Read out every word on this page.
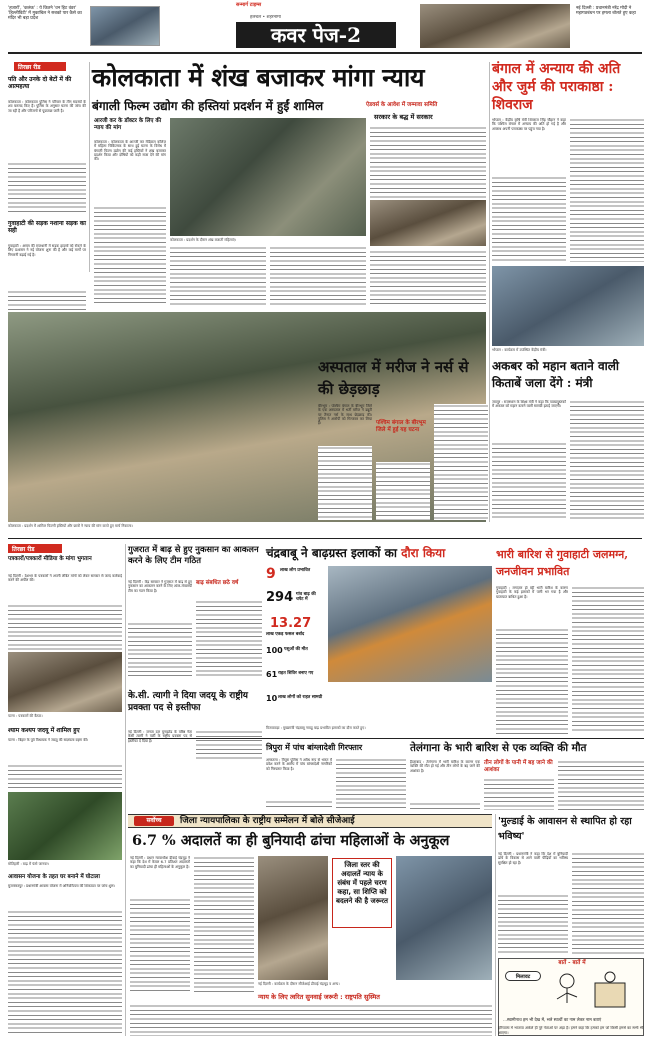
'हजारों', 'कलंक' : ये कितने 'वन हिट वंडर' 'हिल्लीविटी' में मुकाबिल ने सबको पार कैसे का मंदिर भी बड़ा प्रदेश
सन्मार्ग टाइम्स
हलचल • शहरनामा
कवर पेज-2
नई दिल्ली : प्रधानमंत्री नरेंद्र मोदी ने महागठबंधन पर हमला बोलते हुए कहा
तिरछा रीड
पति और उनके दो बेटों में की आत्महत्या
कोलकाता : कोलकाता पुलिस ने परिवार के तीन सदस्यों के शव बरामद किए हैं। पुलिस के अनुसार घटना की जांच की जा रही है और परिजनों से पूछताछ जारी है।
गुवाहाटी की सड़क नशाना सड़क का सही
गुवाहाटी : असम की राजधानी में सड़क हादसों को रोकने के लिए प्रशासन ने नई योजना शुरू की है और कई मार्गों पर निगरानी बढ़ाई गई है।
कोलकाता में शंख बजाकर मांगा न्याय
बंगाली फिल्म उद्योग की हस्तियां प्रदर्शन में हुईं शामिल	ऐडवर्स के आवेश में जम्मावा समिति
सरकार के बद्ध में सरकार
आरजी कर के डॉक्टर के लिए की न्याय की मांग
कोलकाता : कोलकाता के आरजी कर मेडिकल कॉलेज में महिला चिकित्सक के साथ हुई घटना के विरोध में बंगाली फिल्म उद्योग की कई हस्तियों ने शंख बजाकर प्रदर्शन किया और दोषियों को कड़ी सजा देने की मांग की।
कोलकाता : प्रदर्शन के दौरान शंख बजाती महिलाएं।
कोलकाता : प्रदर्शन में शामिल फिल्मी हस्तियों और छात्रों ने न्याय की मांग करते हुए मार्च निकाला।
बंगाल में अन्याय की अति और जुर्म की पराकाष्ठा : शिवराज
भोपाल : केंद्रीय कृषि मंत्री शिवराज सिंह चौहान ने कहा कि पश्चिम बंगाल में अन्याय की अति हो गई है और अपराध अपनी पराकाष्ठा पर पहुंच गया है।
भोपाल : कार्यक्रम में उपस्थित केंद्रीय मंत्री।
अस्पताल में मरीज ने नर्स से की छेड़छाड़
बीरभूम : पश्चिम बंगाल के बीरभूम जिले के एक अस्पताल में भर्ती मरीज ने ड्यूटी पर तैनात नर्स के साथ छेड़छाड़ की। पुलिस ने आरोपी को गिरफ्तार कर लिया है।	पश्चिम बंगाल के बीरभूम जिले में हुई यह घटना
अकबर को महान बताने वाली किताबें जला देंगे : मंत्री
जयपुर : राजस्थान के शिक्षा मंत्री ने कहा कि पाठ्यपुस्तकों में अकबर को महान बताने वाली सामग्री हटाई जाएगी।
तिरछा रीड
पत्रकारों/पत्रकारों मीडिया के मांगा भुगतान
नई दिल्ली : देशभर के पत्रकारों ने अपनी लंबित मांगों को लेकर सरकार से जल्द कार्रवाई करने की अपील की।
पटना : पत्रकारों की बैठक।
श्याम कश्यप जदयू में शामिल हुए
पटना : बिहार के पूर्व विधायक ने जदयू की सदस्यता ग्रहण की।
मोतिहारी : बाढ़ में फंसे जानवर।
आवासन योजना के तहत घर बनाने में घोटाला
मुजफ्फरपुर : प्रधानमंत्री आवास योजना में अनियमितता की शिकायत पर जांच शुरू।
गुजरात में बाढ़ से हुए नुकसान का आकलन करने के लिए टीम गठित
नई दिल्ली : केंद्र सरकार ने गुजरात में बाढ़ से हुए नुकसान का आकलन करने के लिए अंतर-मंत्रालयी टीम का गठन किया है।
बाढ़ संबधित छठे वर्ष
के.सी. त्यागी ने दिया जदयू के राष्ट्रीय प्रवक्ता पद से इस्तीफा
नई दिल्ली : जनता दल यूनाइटेड के वरिष्ठ नेता केसी त्यागी ने पार्टी के राष्ट्रीय प्रवक्ता पद से इस्तीफा दे दिया है।
चंद्रबाबू ने बाढ़ग्रस्त इलाकों का दौरा किया
9 लाख लोग प्रभावित
294 गांव बाढ़ की चपेट में
13.27
लाख एकड़ फसल बर्बाद
100 पशुओं की मौत
61 राहत शिविर बनाए गए
10 लाख लोगों को राहत सामग्री
विजयवाड़ा : मुख्यमंत्री चंद्रबाबू नायडू बाढ़ प्रभावित इलाकों का दौरा करते हुए।
भारी बारिश से गुवाहाटी जलमग्न, जनजीवन प्रभावित
गुवाहाटी : लगातार हो रही भारी बारिश के कारण गुवाहाटी के कई इलाकों में पानी भर गया है और यातायात बाधित हुआ है।
त्रिपुरा में पांच बांग्लादेशी गिरफ्तार
अगरतला : त्रिपुरा पुलिस ने अवैध रूप से भारत में प्रवेश करने के आरोप में पांच बांग्लादेशी नागरिकों को गिरफ्तार किया है।
तेलंगाना के भारी बारिश से एक व्यक्ति की मौत
हैदराबाद : तेलंगाना में भारी बारिश के कारण एक व्यक्ति की मौत हो गई और तीन लोगों के बह जाने की आशंका है।
तीन लोगों के पानी में बह जाने की आशंका
सर्वोच्च	जिला न्यायपालिका के राष्ट्रीय सम्मेलन में बोले सीजेआई
6.7 % अदालतें का ही बुनियादी ढांचा महिलाओं के अनुकूल
नई दिल्ली : प्रधान न्यायाधीश डीवाई चंद्रचूड़ ने कहा कि देश में केवल 6.7 प्रतिशत अदालतों का बुनियादी ढांचा ही महिलाओं के अनुकूल है।	जिला स्तर की अदालतें न्याय के संबंध में पहले चरण कहा, सा शिप्ति को बदलने की है जरूरत
नई दिल्ली : कार्यक्रम के दौरान सीजेआई डीवाई चंद्रचूड़ व अन्य।
न्याय के लिए त्वरित सुनवाई जरूरी : राष्ट्रपति सुस्मित
'मुल्डाई के आवासन से स्थापित हो रहा भविष्य'
नई दिल्ली : प्रधानमंत्री ने कहा कि देश में बुनियादी ढांचे के विकास से आने वाली पीढ़ियों का भविष्य सुरक्षित हो रहा है।
बातें - बातें में
मिलावट
...स्वामीनाथ हम भी देख में, भले स्वार्थी का नाम लेकर नाम बताएं
हरियाणा में भाजपा अकेले ही पूरे नेताओं पर अड़ा है। हमने कहा कि हमको हम जो किसी हमसे का सभी भी आएगा।
